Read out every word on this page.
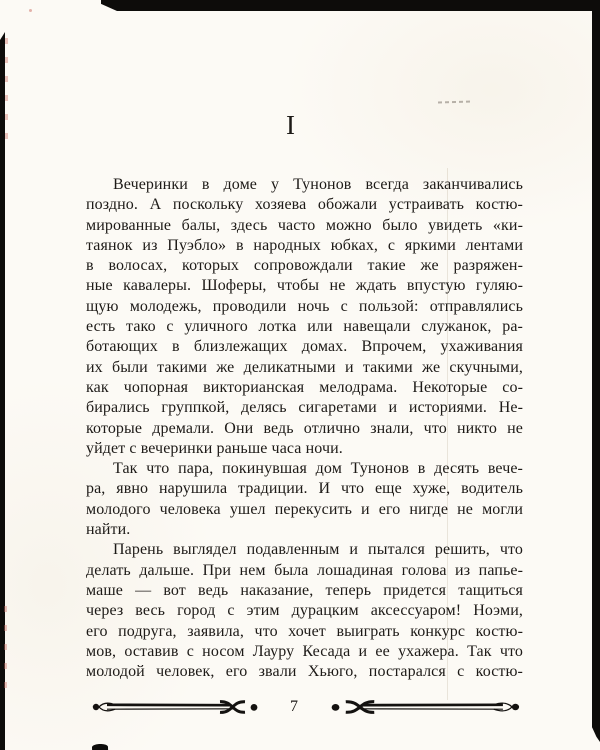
I
Вечеринки в доме у Тунонов всегда заканчивались
поздно. А поскольку хозяева обожали устраивать костю-
мированные балы, здесь часто можно было увидеть «ки-
таянок из Пуэбло» в народных юбках, с яркими лентами
в волосах, которых сопровождали такие же разряжен-
ные кавалеры. Шоферы, чтобы не ждать впустую гуляю-
щую молодежь, проводили ночь с пользой: отправлялись
есть тако с уличного лотка или навещали служанок, ра-
ботающих в близлежащих домах. Впрочем, ухаживания
их были такими же деликатными и такими же скучными,
как чопорная викторианская мелодрама. Некоторые со-
бирались группкой, делясь сигаретами и историями. Не-
которые дремали. Они ведь отлично знали, что никто не
уйдет с вечеринки раньше часа ночи.
Так что пара, покинувшая дом Тунонов в десять вече-
ра, явно нарушила традиции. И что еще хуже, водитель
молодого человека ушел перекусить и его нигде не могли
найти.
Парень выглядел подавленным и пытался решить, что
делать дальше. При нем была лошадиная голова из папье-
маше — вот ведь наказание, теперь придется тащиться
через весь город с этим дурацким аксессуаром! Ноэми,
его подруга, заявила, что хочет выиграть конкурс костю-
мов, оставив с носом Лауру Кесада и ее ухажера. Так что
молодой человек, его звали Хьюго, постарался с костю-
7
